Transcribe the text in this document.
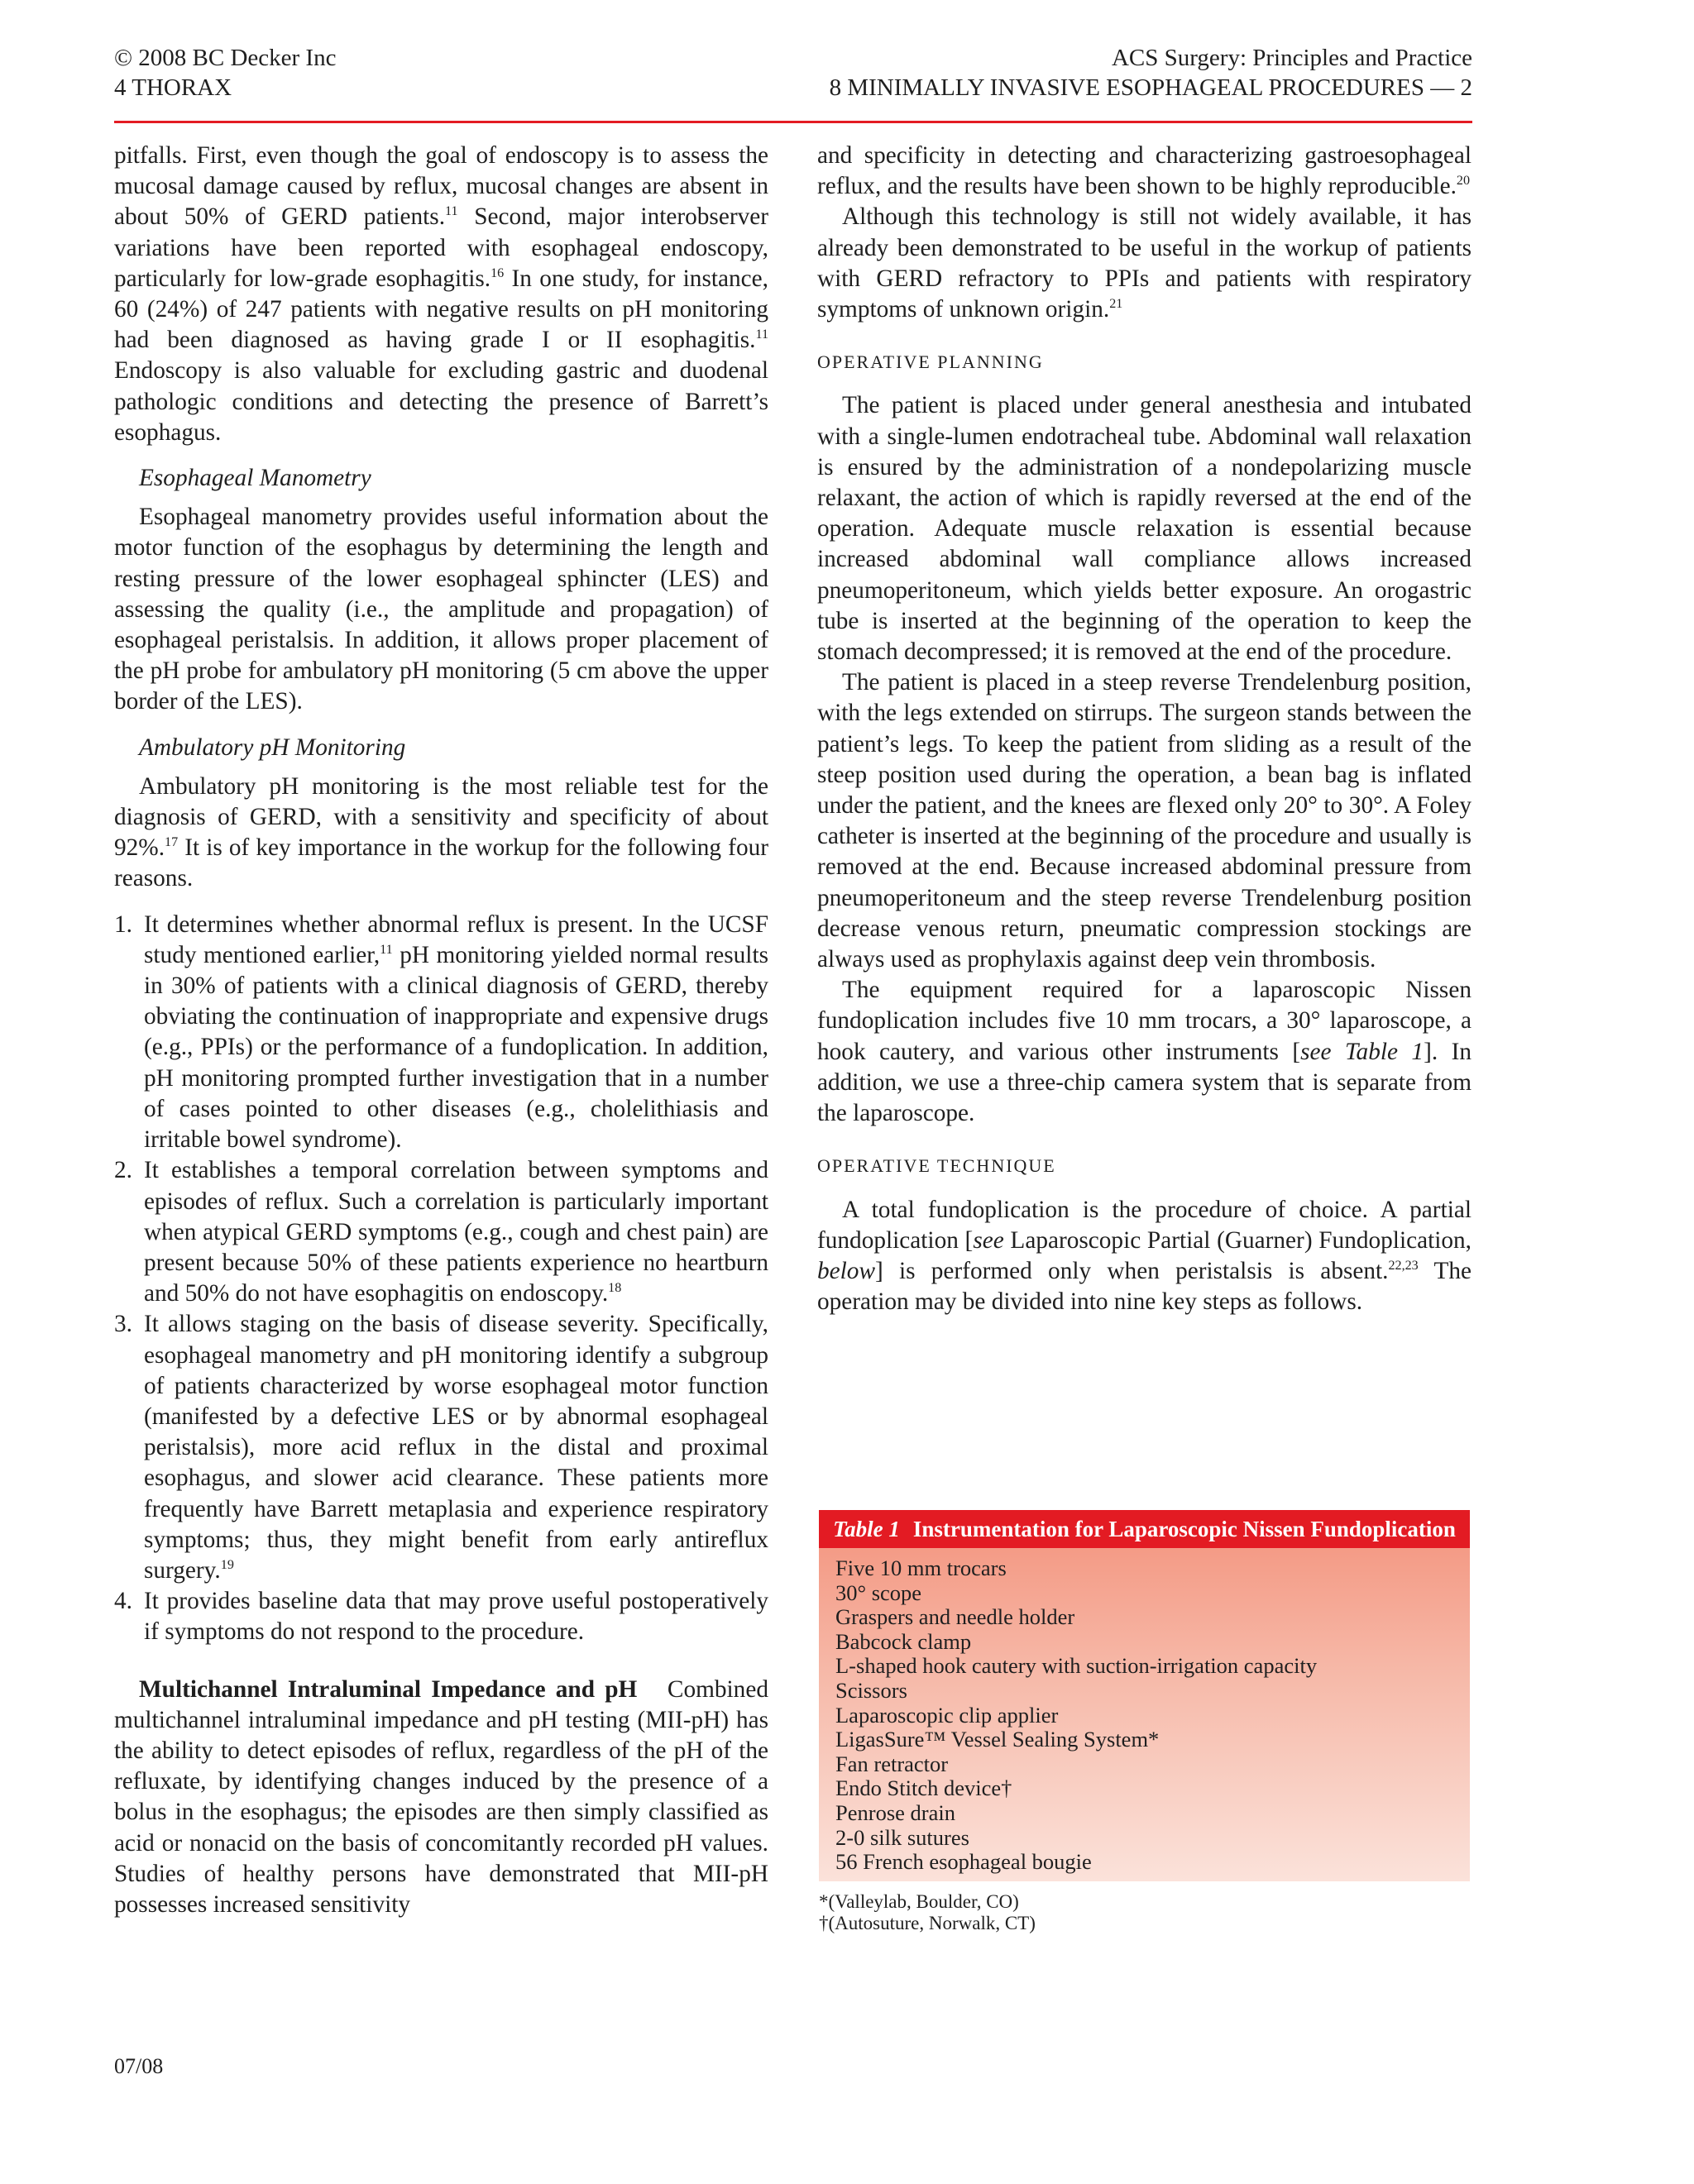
© 2008 BC Decker Inc	ACS Surgery: Principles and Practice
4 THORAX	8 MINIMALLY INVASIVE ESOPHAGEAL PROCEDURES — 2

pitfalls. First, even though the goal of endoscopy is to assess the mucosal damage caused by reflux, mucosal changes are absent in about 50% of GERD patients.$^{11}$ Second, major interobserver variations have been reported with esophageal endoscopy, particularly for low-grade esophagitis.$^{16}$ In one study, for instance, 60 (24%) of 247 patients with negative results on pH monitoring had been diagnosed as having grade I or II esophagitis.$^{11}$ Endoscopy is also valuable for excluding gastric and duodenal pathologic conditions and detecting the presence of Barrett’s esophagus.

Esophageal Manometry

Esophageal manometry provides useful information about the motor function of the esophagus by determining the length and resting pressure of the lower esophageal sphincter (LES) and assessing the quality (i.e., the amplitude and propagation) of esophageal peristalsis. In addition, it allows proper placement of the pH probe for ambulatory pH monitoring (5 cm above the upper border of the LES).

Ambulatory pH Monitoring

Ambulatory pH monitoring is the most reliable test for the diagnosis of GERD, with a sensitivity and specificity of about 92%.$^{17}$ It is of key importance in the workup for the following four reasons.

1. It determines whether abnormal reflux is present. In the UCSF study mentioned earlier,$^{11}$ pH monitoring yielded normal results in 30% of patients with a clinical diagnosis of GERD, thereby obviating the continuation of inappropriate and expensive drugs (e.g., PPIs) or the performance of a fundoplication. In addition, pH monitoring prompted further investigation that in a number of cases pointed to other diseases (e.g., cholelithiasis and irritable bowel syndrome).
2. It establishes a temporal correlation between symptoms and episodes of reflux. Such a correlation is particularly important when atypical GERD symptoms (e.g., cough and chest pain) are present because 50% of these patients experience no heartburn and 50% do not have esophagitis on endoscopy.$^{18}$
3. It allows staging on the basis of disease severity. Specifically, esophageal manometry and pH monitoring identify a subgroup of patients characterized by worse esophageal motor function (manifested by a defective LES or by abnormal esophageal peristalsis), more acid reflux in the distal and proximal esophagus, and slower acid clearance. These patients more frequently have Barrett metaplasia and experience respiratory symptoms; thus, they might benefit from early antireflux surgery.$^{19}$
4. It provides baseline data that may prove useful postoperatively if symptoms do not respond to the procedure.

Multichannel Intraluminal Impedance and pH Combined multichannel intraluminal impedance and pH testing (MII-pH) has the ability to detect episodes of reflux, regardless of the pH of the refluxate, by identifying changes induced by the presence of a bolus in the esophagus; the episodes are then simply classified as acid or nonacid on the basis of concomitantly recorded pH values. Studies of healthy persons have demonstrated that MII-pH possesses increased sensitivity

and specificity in detecting and characterizing gastroesophageal reflux, and the results have been shown to be highly reproducible.$^{20}$

Although this technology is still not widely available, it has already been demonstrated to be useful in the workup of patients with GERD refractory to PPIs and patients with respiratory symptoms of unknown origin.$^{21}$

OPERATIVE PLANNING

The patient is placed under general anesthesia and intubated with a single-lumen endotracheal tube. Abdominal wall relaxation is ensured by the administration of a nondepolarizing muscle relaxant, the action of which is rapidly reversed at the end of the operation. Adequate muscle relaxation is essential because increased abdominal wall compliance allows increased pneumoperitoneum, which yields better exposure. An orogastric tube is inserted at the beginning of the operation to keep the stomach decompressed; it is removed at the end of the procedure.

The patient is placed in a steep reverse Trendelenburg position, with the legs extended on stirrups. The surgeon stands between the patient’s legs. To keep the patient from sliding as a result of the steep position used during the operation, a bean bag is inflated under the patient, and the knees are flexed only 20° to 30°. A Foley catheter is inserted at the beginning of the procedure and usually is removed at the end. Because increased abdominal pressure from pneumoperitoneum and the steep reverse Trendelenburg position decrease venous return, pneumatic compression stockings are always used as prophylaxis against deep vein thrombosis.

The equipment required for a laparoscopic Nissen fundoplication includes five 10 mm trocars, a 30° laparoscope, a hook cautery, and various other instruments [see Table 1]. In addition, we use a three-chip camera system that is separate from the laparoscope.

OPERATIVE TECHNIQUE

A total fundoplication is the procedure of choice. A partial fundoplication [see Laparoscopic Partial (Guarner) Fundoplication, below] is performed only when peristalsis is absent.$^{22,23}$ The operation may be divided into nine key steps as follows.

Table 1 Instrumentation for Laparoscopic Nissen Fundoplication
Five 10 mm trocars
30° scope
Graspers and needle holder
Babcock clamp
L-shaped hook cautery with suction-irrigation capacity
Scissors
Laparoscopic clip applier
LigasSure™ Vessel Sealing System*
Fan retractor
Endo Stitch device†
Penrose drain
2-0 silk sutures
56 French esophageal bougie
*(Valleylab, Boulder, CO)
†(Autosuture, Norwalk, CT)
07/08
